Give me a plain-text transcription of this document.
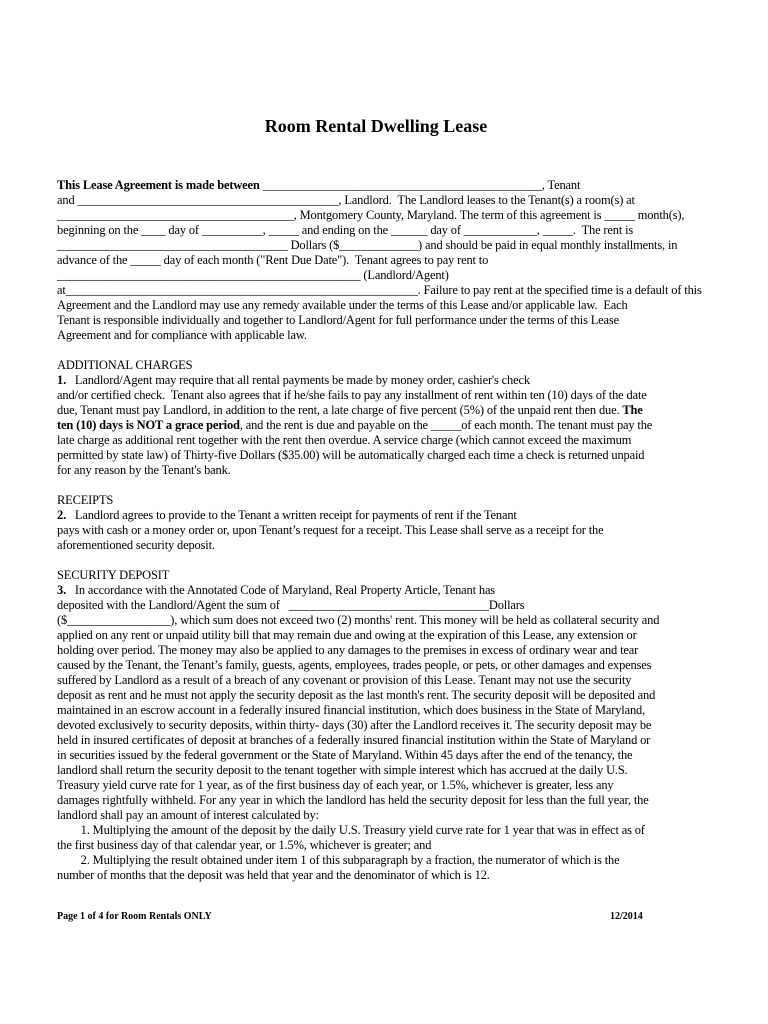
Room Rental Dwelling Lease
This Lease Agreement is made between ______________________________________________, Tenant
and ___________________________________________, Landlord.  The Landlord leases to the Tenant(s) a room(s) at
_______________________________________, Montgomery County, Maryland. The term of this agreement is _____ month(s),
beginning on the ____ day of __________, _____ and ending on the ______ day of ____________, _____.  The rent is
______________________________________ Dollars ($_____________) and should be paid in equal monthly installments, in
advance of the _____ day of each month ("Rent Due Date").  Tenant agrees to pay rent to
__________________________________________________ (Landlord/Agent)
at__________________________________________________________. Failure to pay rent at the specified time is a default of this
Agreement and the Landlord may use any remedy available under the terms of this Lease and/or applicable law.  Each
Tenant is responsible individually and together to Landlord/Agent for full performance under the terms of this Lease
Agreement and for compliance with applicable law.
ADDITIONAL CHARGES
1.   Landlord/Agent may require that all rental payments be made by money order, cashier's check
and/or certified check.  Tenant also agrees that if he/she fails to pay any installment of rent within ten (10) days of the date
due, Tenant must pay Landlord, in addition to the rent, a late charge of five percent (5%) of the unpaid rent then due. The
ten (10) days is NOT a grace period, and the rent is due and payable on the _____of each month. The tenant must pay the
late charge as additional rent together with the rent then overdue. A service charge (which cannot exceed the maximum
permitted by state law) of Thirty-five Dollars ($35.00) will be automatically charged each time a check is returned unpaid
for any reason by the Tenant's bank.
RECEIPTS
2.   Landlord agrees to provide to the Tenant a written receipt for payments of rent if the Tenant
pays with cash or a money order or, upon Tenant’s request for a receipt. This Lease shall serve as a receipt for the
aforementioned security deposit.
SECURITY DEPOSIT
3.   In accordance with the Annotated Code of Maryland, Real Property Article, Tenant has
deposited with the Landlord/Agent the sum of   _________________________________Dollars
($_________________), which sum does not exceed two (2) months' rent. This money will be held as collateral security and
applied on any rent or unpaid utility bill that may remain due and owing at the expiration of this Lease, any extension or
holding over period. The money may also be applied to any damages to the premises in excess of ordinary wear and tear
caused by the Tenant, the Tenant’s family, guests, agents, employees, trades people, or pets, or other damages and expenses
suffered by Landlord as a result of a breach of any covenant or provision of this Lease. Tenant may not use the security
deposit as rent and he must not apply the security deposit as the last month's rent. The security deposit will be deposited and
maintained in an escrow account in a federally insured financial institution, which does business in the State of Maryland,
devoted exclusively to security deposits, within thirty- days (30) after the Landlord receives it. The security deposit may be
held in insured certificates of deposit at branches of a federally insured financial institution within the State of Maryland or
in securities issued by the federal government or the State of Maryland. Within 45 days after the end of the tenancy, the
landlord shall return the security deposit to the tenant together with simple interest which has accrued at the daily U.S.
Treasury yield curve rate for 1 year, as of the first business day of each year, or 1.5%, whichever is greater, less any
damages rightfully withheld. For any year in which the landlord has held the security deposit for less than the full year, the
landlord shall pay an amount of interest calculated by:
1. Multiplying the amount of the deposit by the daily U.S. Treasury yield curve rate for 1 year that was in effect as of
the first business day of that calendar year, or 1.5%, whichever is greater; and
2. Multiplying the result obtained under item 1 of this subparagraph by a fraction, the numerator of which is the
number of months that the deposit was held that year and the denominator of which is 12.
Page 1 of 4 for Room Rentals ONLY	12/2014
